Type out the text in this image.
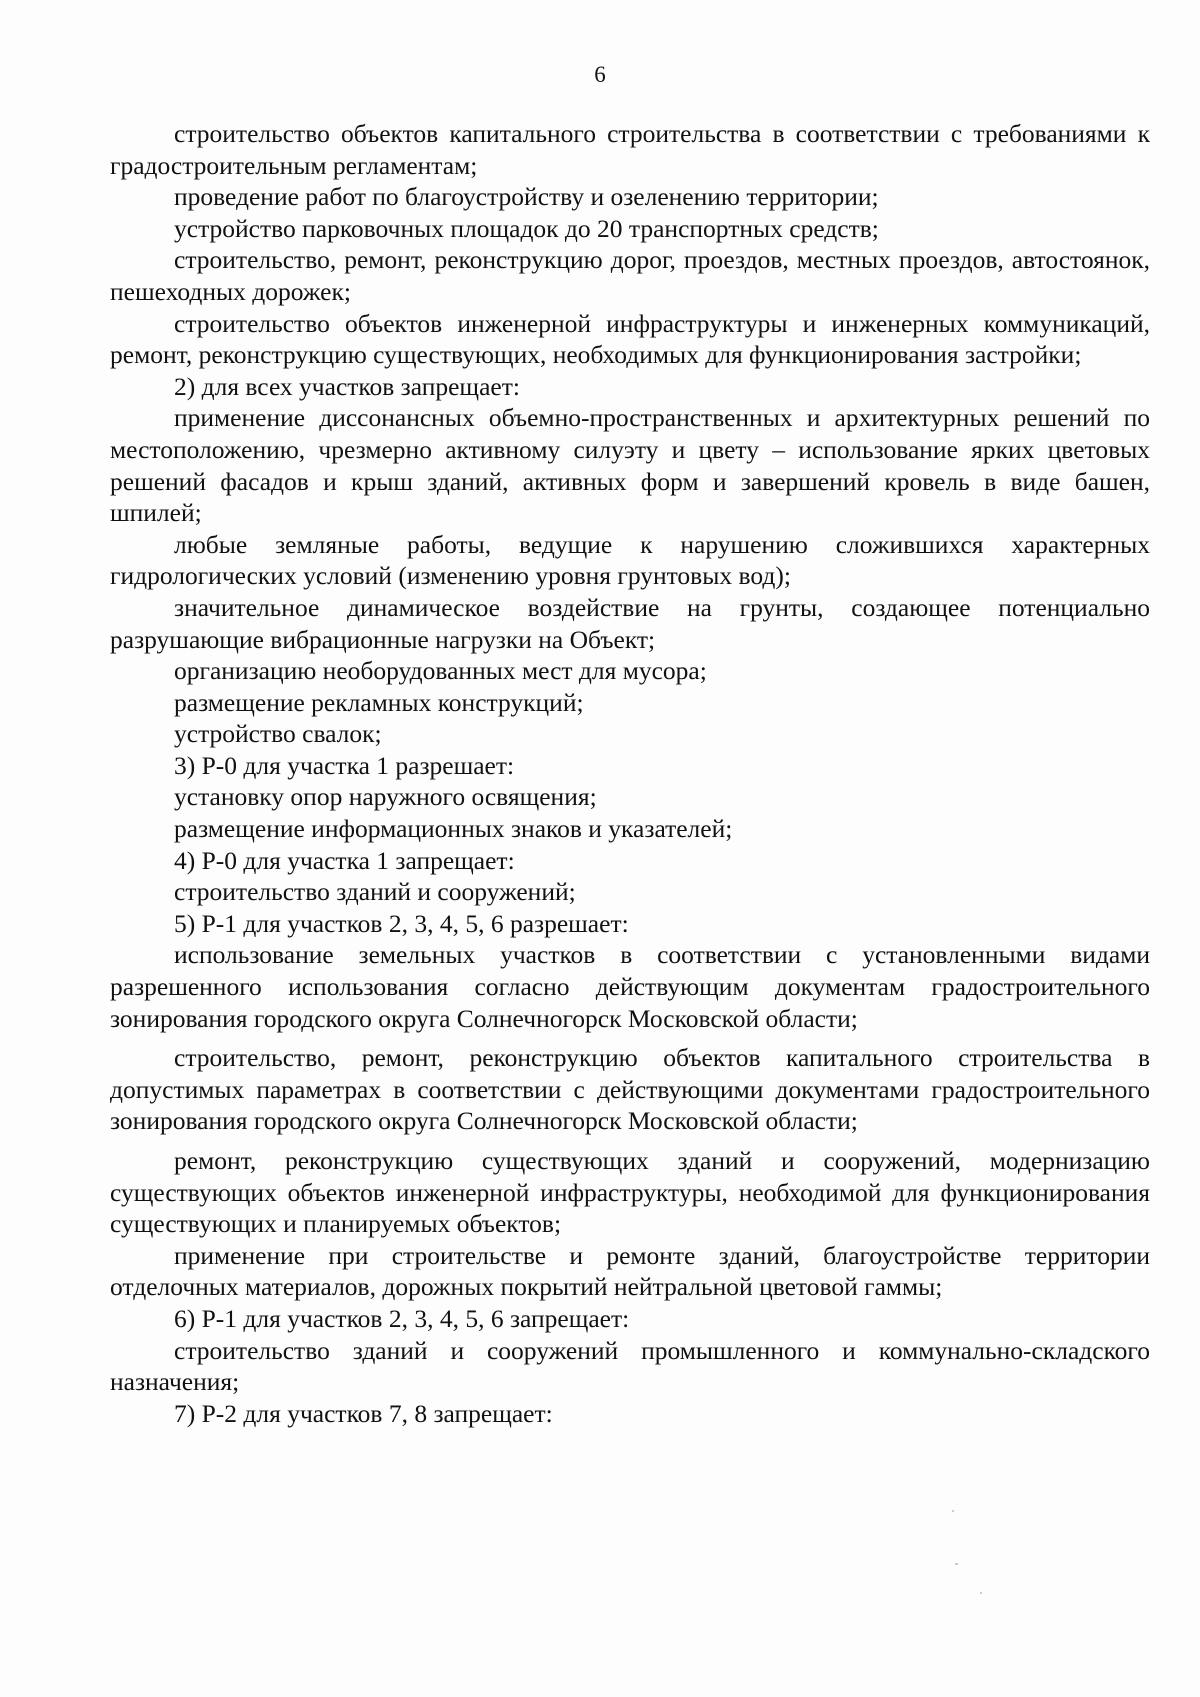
6

строительство объектов капитального строительства в соответствии с требованиями к градостроительным регламентам;

проведение работ по благоустройству и озеленению территории;

устройство парковочных площадок до 20 транспортных средств;

строительство, ремонт, реконструкцию дорог, проездов, местных проездов, автостоянок, пешеходных дорожек;

строительство объектов инженерной инфраструктуры и инженерных коммуникаций, ремонт, реконструкцию существующих, необходимых для функционирования застройки;

2) для всех участков запрещает:

применение диссонансных объемно-пространственных и архитектурных решений по местоположению, чрезмерно активному силуэту и цвету – использование ярких цветовых решений фасадов и крыш зданий, активных форм и завершений кровель в виде башен, шпилей;

любые земляные работы, ведущие к нарушению сложившихся характерных гидрологических условий (изменению уровня грунтовых вод);

значительное динамическое воздействие на грунты, создающее потенциально разрушающие вибрационные нагрузки на Объект;

организацию необорудованных мест для мусора;

размещение рекламных конструкций;

устройство свалок;

3) Р-0 для участка 1 разрешает:

установку опор наружного освящения;

размещение информационных знаков и указателей;

4) Р-0 для участка 1 запрещает:

строительство зданий и сооружений;

5) Р-1 для участков 2, 3, 4, 5, 6 разрешает:

использование земельных участков в соответствии с установленными видами разрешенного использования согласно действующим документам градостроительного зонирования городского округа Солнечногорск Московской области;

строительство, ремонт, реконструкцию объектов капитального строительства в допустимых параметрах в соответствии с действующими документами градостроительного зонирования городского округа Солнечногорск Московской области;

ремонт, реконструкцию существующих зданий и сооружений, модернизацию существующих объектов инженерной инфраструктуры, необходимой для функционирования существующих и планируемых объектов;

применение при строительстве и ремонте зданий, благоустройстве территории отделочных материалов, дорожных покрытий нейтральной цветовой гаммы;

6) Р-1 для участков 2, 3, 4, 5, 6 запрещает:

строительство зданий и сооружений промышленного и коммунально-складского назначения;

7) Р-2 для участков 7, 8 запрещает:
